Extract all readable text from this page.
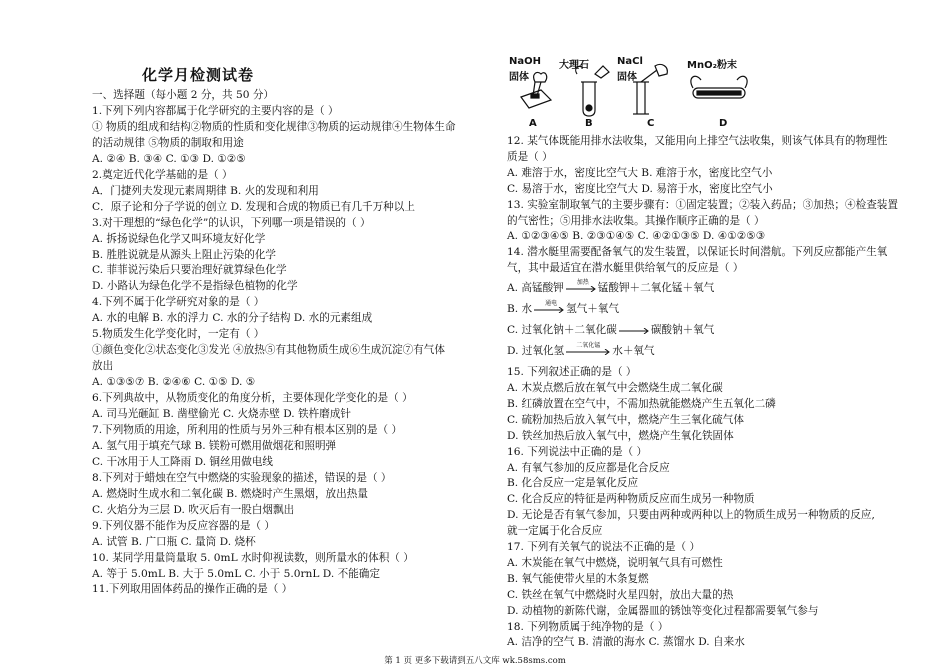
化学月检测试卷
一、选择题（每小题 2 分，共 50 分）
1.下列下列内容都属于化学研究的主要内容的是（ ）
① 物质的组成和结构②物质的性质和变化规律③物质的运动规律④生物体生命
的活动规律 ⑤物质的制取和用途
A. ②④ B. ③④ C. ①③ D. ①②⑤
2.奠定近代化学基础的是（ ）
A．门捷列夫发现元素周期律 B. 火的发现和利用
C．原子论和分子学说的创立 D. 发现和合成的物质已有几千万种以上
3.对干理想的“绿色化学”的认识，下列哪一项是错误的（ ）
A. 拆扬说绿色化学又叫环境友好化学
B. 胜胜说就是从源头上阻止污染的化学
C. 菲菲说污染后只要治理好就算绿色化学
D. 小路认为绿色化学不是指绿色植物的化学
4.下列不属于化学研究对象的是（ ）
A. 水的电解 B. 水的浮力 C. 水的分子结构 D. 水的元素组成
5.物质发生化学变化时，一定有（ ）
①颜色变化②状态变化③发光 ④放热⑤有其他物质生成⑥生成沉淀⑦有气体
放出
A. ①③⑤⑦ B. ②④⑥ C. ①⑤ D. ⑤
6.下列典故中，从物质变化的角度分析，主要体现化学变化的是（ ）
A. 司马光砸缸 B. 凿壁偷光 C. 火烧赤壁 D. 铁杵磨成针
7.下列物质的用途，所利用的性质与另外三种有根本区别的是（ ）
A. 氢气用于填充气球 B. 镁粉可燃用做烟花和照明弹
C. 干冰用于人工降雨 D. 铜丝用做电线
8.下列对于蜡烛在空气中燃烧的实验现象的描述，错误的是（ ）
A. 燃烧时生成水和二氧化碳 B. 燃烧时产生黑烟，放出热量
C. 火焰分为三层 D. 吹灭后有一股白烟飘出
9.下列仪器不能作为反应容器的是（ ）
A. 试管 B. 广口瓶 C. 量筒 D. 烧杯
10. 某同学用量筒量取 5. 0mL 水时仰视读数，则所量水的体积（ ）
A. 等于 5.0mL B. 大于 5.0mL C. 小于 5.0rnL D. 不能确定
11.下列取用固体药品的操作正确的是（ ）
NaOH
固体
大理石	NaCl
固体
MnO₂粉末
A	B	C	D
12. 某气体既能用排水法收集，又能用向上排空气法收集，则该气体具有的物理性
质是（ ）
A. 难溶于水，密度比空气大 B. 难溶于水，密度比空气小
C. 易溶于水，密度比空气大 D. 易溶于水，密度比空气小
13. 实验室制取氧气的主要步骤有：①固定装置；②装入药品；③加热；④检查装置
的气密性；⑤用排水法收集。其操作顺序正确的是（ ）
A. ①②③④⑤ B. ②③①④⑤ C. ④②①③⑤ D. ④①②⑤③
14. 潜水艇里需要配备氧气的发生装置，以保证长时间潜航。下列反应都能产生氧
气，其中最适宜在潜水艇里供给氧气的反应是（ ）
A. 高锰酸钾	加热 锰酸钾＋二氧化锰＋氧气
B. 水	通电 氢气＋氧气
C. 过氧化钠＋二氧化碳 → 碳酸钠＋氧气
D. 过氧化氢	二氧化锰	水＋氧气
15. 下列叙述正确的是（ ）
A. 木炭点燃后放在氧气中会燃烧生成二氧化碳
B. 红磷放置在空气中，不需加热就能燃烧产生五氧化二磷
C. 硫粉加热后放入氧气中，燃烧产生三氧化硫气体
D. 铁丝加热后放入氧气中，燃烧产生氧化铁固体
16. 下列说法中正确的是（ ）
A. 有氧气参加的反应都是化合反应
B. 化合反应一定是氧化反应
C. 化合反应的特征是两种物质反应而生成另一种物质
D. 无论是否有氧气参加，只要由两种或两种以上的物质生成另一种物质的反应,
就一定属于化合反应
17. 下列有关氧气的说法不正确的是（ ）
A. 木炭能在氧气中燃烧，说明氧气具有可燃性
B. 氧气能使带火星的木条复燃
C. 铁丝在氧气中燃烧时火星四射，放出大量的热
D. 动植物的新陈代谢，金属器皿的锈蚀等变化过程都需要氧气参与
18. 下列物质属于纯净物的是（ ）
A. 洁净的空气 B. 清澈的海水 C. 蒸馏水 D. 自来水
第 1 页 更多下载请到五八文库 wk.58sms.com
